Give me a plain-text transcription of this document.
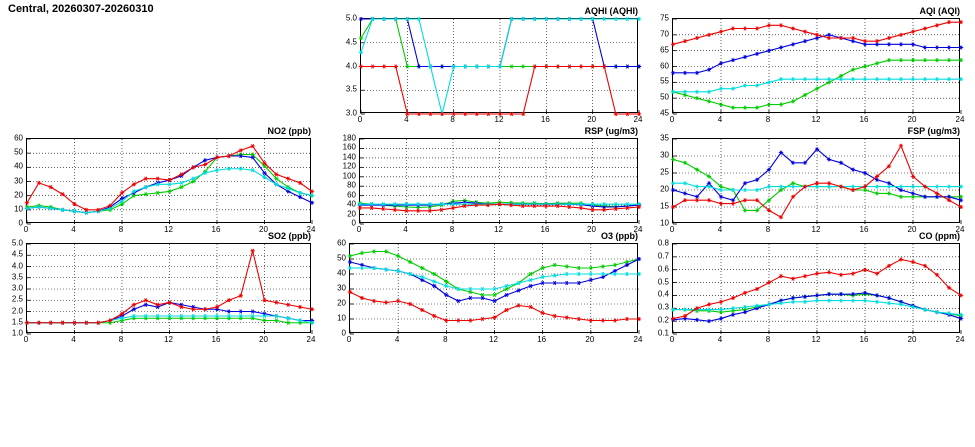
Central, 20260307-20260310	AQHI (AQHI)
0	4	8	12	16	20	24
3.0
3.5
4.0
4.5
5.0
AQI (AQI)
0	4	8	12	16	20	24
45
50
55
60
65
70
75
NO2 (ppb)
0	4	8	12	16	20	24
0
10
20
30
40
50
60
RSP (ug/m3)
0	4	8	12	16	20	24
0
20
40
60
80
100
120
140
160
180
FSP (ug/m3)
0	4	8	12	16	20	24
10
15
20
25
30
35
SO2 (ppb)
0	4	8	12	16	20	24
1.0
1.5
2.0
2.5
3.0
3.5
4.0
4.5
5.0
O3 (ppb)
0	4	8	12	16	20	24
0
10
20
30
40
50
60
CO (ppm)
0	4	8	12	16	20	24
0.1
0.2
0.3
0.4
0.5
0.6
0.7
0.8
